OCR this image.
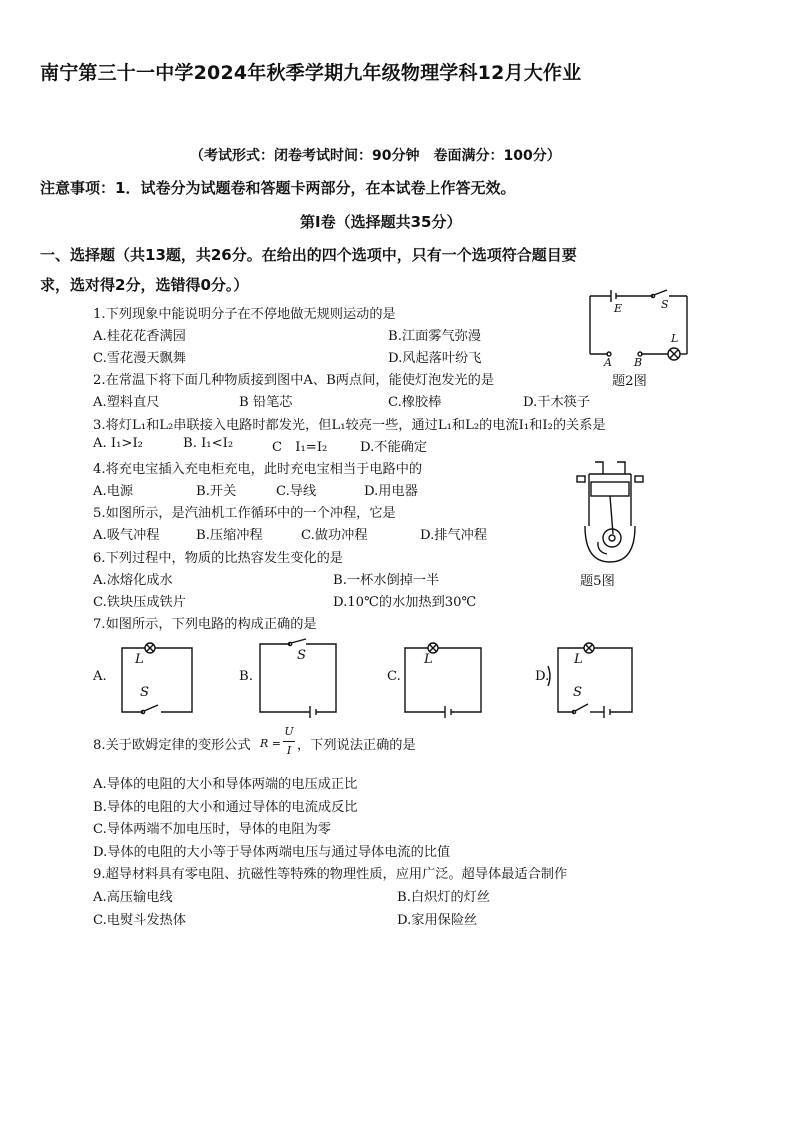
南宁第三十一中学2024年秋季学期九年级物理学科12月大作业
（考试形式：闭卷考试时间：90分钟　卷面满分：100分）
注意事项：1．试卷分为试题卷和答题卡两部分，在本试卷上作答无效。
第Ⅰ卷（选择题共35分）
一、选择题（共13题，共26分。在给出的四个选项中，只有一个选项符合题目要
求，选对得2分，选错得0分。）
1.下列现象中能说明分子在不停地做无规则运动的是
A.桂花花香满园	B.江面雾气弥漫
C.雪花漫天飘舞	D.风起落叶纷飞
2.在常温下将下面几种物质接到图中A、B两点间，能使灯泡发光的是
A.塑料直尺	B 铅笔芯	C.橡胶棒	D.干木筷子
3.将灯L₁和L₂串联接入电路时都发光，但L₁较亮一些，通过L₁和L₂的电流I₁和I₂的关系是
A. I₁>I₂	B. I₁<I₂	C　I₁=I₂ D.不能确定
4.将充电宝插入充电柜充电，此时充电宝相当于电路中的
A.电源	B.开关	C.导线	D.用电器
5.如图所示，是汽油机工作循环中的一个冲程，它是
A.吸气冲程	B.压缩冲程	C.做功冲程	D.排气冲程
6.下列过程中，物质的比热容发生变化的是
A.冰熔化成水	B.一杯水倒掉一半
C.铁块压成铁片	D.10℃的水加热到30℃
7.如图所示，下列电路的构成正确的是
A.	B.	C.	D.
L
S
S	L	L
S
8.关于欧姆定律的变形公式 R =
U
I ，下列说法正确的是
A.导体的电阻的大小和导体两端的电压成正比
B.导体的电阻的大小和通过导体的电流成反比
C.导体两端不加电压时，导体的电阻为零
D.导体的电阻的大小等于导体两端电压与通过导体电流的比值
9.超导材料具有零电阻、抗磁性等特殊的物理性质，应用广泛。超导体最适合制作
A.高压输电线	B.白炽灯的灯丝
C.电熨斗发热体	D.家用保险丝
E	S
L
A B
题2图
题5图
